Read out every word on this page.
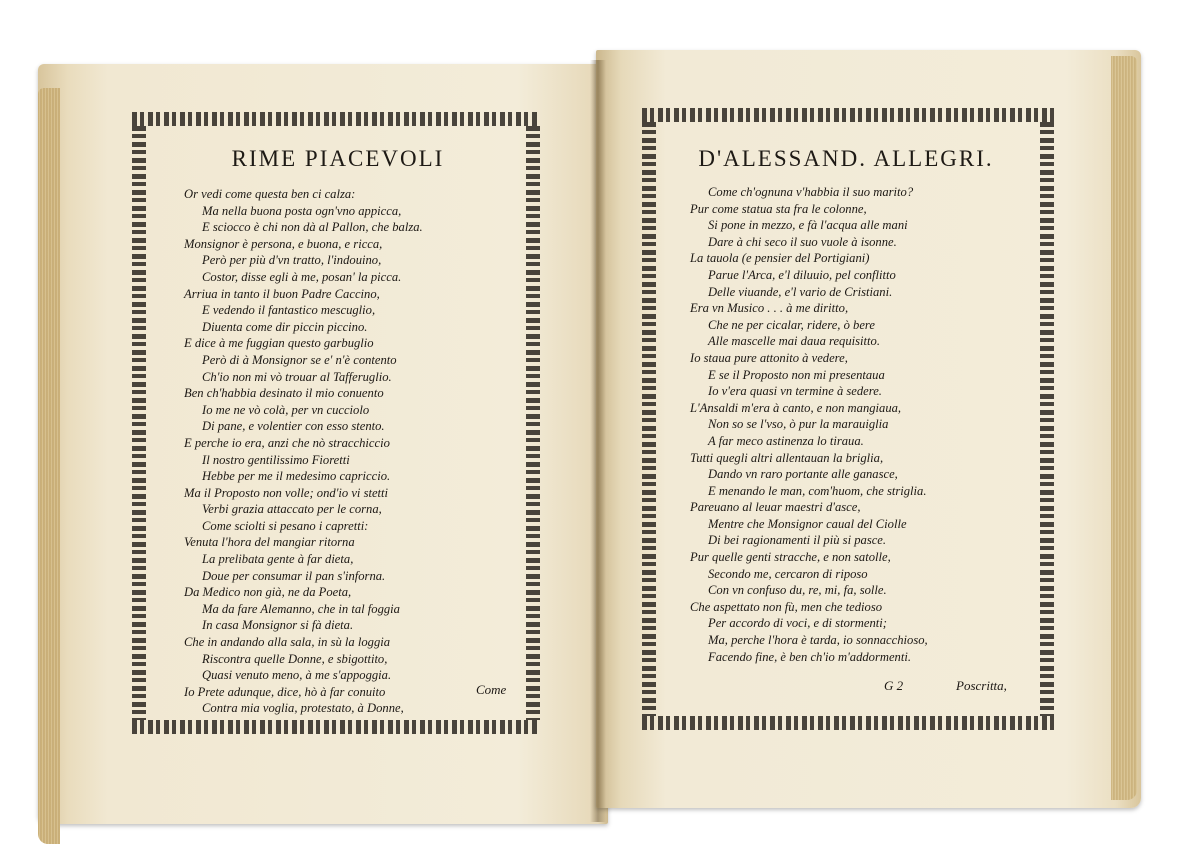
RIME PIACEVOLI
Or vedi come questa ben ci calza:
Ma nella buona posta ogn'vno appicca,
E sciocco è chi non dà al Pallon, che balza.
Monsignor è persona, e buona, e ricca,
Però per più d'vn tratto, l'indouino,
Costor, disse egli à me, posan' la picca.
Arriua in tanto il buon Padre Caccino,
E vedendo il fantastico mescuglio,
Diuenta come dir piccin piccino.
E dice à me fuggian questo garbuglio
Però di à Monsignor se e' n'è contento
Ch'io non mi vò trouar al Tafferuglio.
Ben ch'habbia desinato il mio conuento
Io me ne vò colà, per vn cucciolo
Di pane, e volentier con esso stento.
E perche io era, anzi che nò stracchiccio
Il nostro gentilissimo Fioretti
Hebbe per me il medesimo capriccio.
Ma il Proposto non volle; ond'io vi stetti
Verbi grazia attaccato per le corna,
Come sciolti si pesano i capretti:
Venuta l'hora del mangiar ritorna
La prelibata gente à far dieta,
Doue per consumar il pan s'inforna.
Da Medico non già, ne da Poeta,
Ma da fare Alemanno, che in tal foggia
In casa Monsignor si fà dieta.
Che in andando alla sala, in sù la loggia
Riscontra quelle Donne, e sbigottito,
Quasi venuto meno, à me s'appoggia.
Io Prete adunque, dice, hò à far conuito
Contra mia voglia, protestato, à Donne,
Come
D'ALESSAND. ALLEGRI.
Come ch'ognuna v'habbia il suo marito?
Pur come statua sta fra le colonne,
Si pone in mezzo, e fà l'acqua alle mani
Dare à chi seco il suo vuole à isonne.
La tauola (e pensier del Portigiani)
Parue l'Arca, e'l diluuio, pel conflitto
Delle viuande, e'l vario de Cristiani.
Era vn Musico . . . à me diritto,
Che ne per cicalar, ridere, ò bere
Alle mascelle mai daua requisitto.
Io staua pure attonito à vedere,
E se il Proposto non mi presentaua
Io v'era quasi vn termine à sedere.
L'Ansaldi m'era à canto, e non mangiaua,
Non so se l'vso, ò pur la marauiglia
A far meco astinenza lo tiraua.
Tutti quegli altri allentauan la briglia,
Dando vn raro portante alle ganasce,
E menando le man, com'huom, che striglia.
Pareuano al leuar maestri d'asce,
Mentre che Monsignor caual del Ciolle
Di bei ragionamenti il più si pasce.
Pur quelle genti stracche, e non satolle,
Secondo me, cercaron di riposo
Con vn confuso du, re, mi, fa, solle.
Che aspettato non fù, men che tedioso
Per accordo di voci, e di stormenti;
Ma, perche l'hora è tarda, io sonnacchioso,
Facendo fine, è ben ch'io m'addormenti.
G 2	Poscritta,
